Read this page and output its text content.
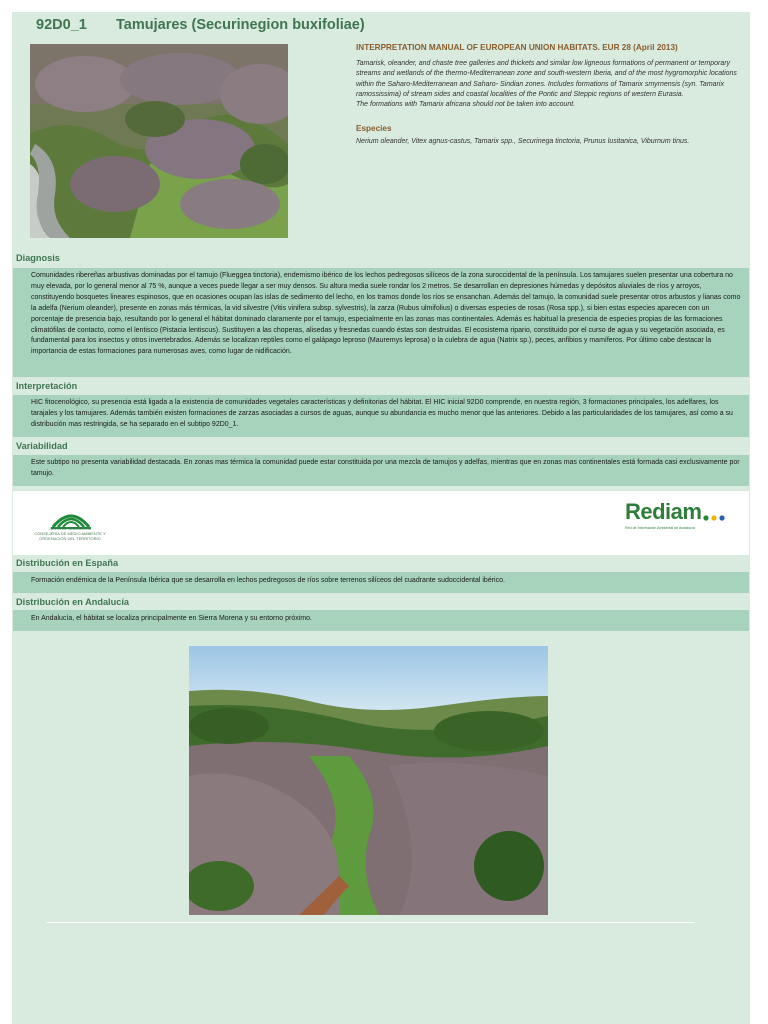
92D0_1 Tamujares (Securinegion buxifoliae)
INTERPRETATION MANUAL OF EUROPEAN UNION HABITATS. EUR 28 (April 2013)
Tamarisk, oleander, and chaste tree galleries and thickets and similar low ligneous formations of permanent or temporary streams and wetlands of the thermo-Mediterranean zone and south-western Iberia, and of the most hygromorphic locations within the Saharo-Mediterranean and Saharo- Sindian zones. Includes formations of Tamarix smyrnensis (syn. Tamarix ramossissima) of stream sides and coastal localities of the Pontic and Steppic regions of western Eurasia.
The formations with Tamarix africana should not be taken into account.
Especies
Nerium oleander, Vitex agnus-castus, Tamarix spp., Securinega tinctoria, Prunus lusitanica, Viburnum tinus.
Diagnosis
Comunidades ribereñas arbustivas dominadas por el tamujo (Flueggea tinctoria), endemismo ibérico de los lechos pedregosos silíceos de la zona suroccidental de la península. Los tamujares suelen presentar una cobertura no muy elevada, por lo general menor al 75 %, aunque a veces puede llegar a ser muy densos. Su altura media suele rondar los 2 metros. Se desarrollan en depresiones húmedas y depósitos aluviales de ríos y arroyos, constituyendo bosquetes lineares espinosos, que en ocasiones ocupan las islas de sedimento del lecho, en los tramos donde los ríos se ensanchan. Además del tamujo, la comunidad suele presentar otros arbustos y lianas como la adelfa (Nerium oleander), presente en zonas más térmicas, la vid silvestre (Vitis vinifera subsp. sylvestris), la zarza (Rubus ulmifolius) o diversas especies de rosas (Rosa spp.), si bien estas especies aparecen con un porcentaje de presencia bajo, resultando por lo general el hábitat dominado claramente por el tamujo, especialmente en las zonas mas continentales. Además es habitual la presencia de especies propias de las formaciones climatófilas de contacto, como el lentisco (Pistacia lentiscus). Sustituyen a las choperas, alisedas y fresnedas cuando éstas son destruidas. El ecosistema ripario, constituido por el curso de agua y su vegetación asociada, es fundamental para los insectos y otros invertebrados. Además se localizan reptiles como el galápago leproso (Mauremys leprosa) o la culebra de agua (Natrix sp.), peces, anfibios y mamíferos. Por último cabe destacar la importancia de estas formaciones para numerosas aves, como lugar de nidificación.
Interpretación
HIC fitocenológico, su presencia está ligada a la existencia de comunidades vegetales características y definitorias del hábitat. El HIC inicial 92D0 comprende, en nuestra región, 3 formaciones principales, los adelfares, los tarajales y los tamujares. Además también existen formaciones de zarzas asociadas a cursos de aguas, aunque su abundancia es mucho menor que las anteriores. Debido a las particularidades de los tamujares, así como a su distribución mas restringida, se ha separado en el subtipo 92D0_1.
Variabilidad
Este subtipo no presenta variabilidad destacada. En zonas mas térmica la comunidad puede estar constituida por una mezcla de tamujos y adelfas, mientras que en zonas mas continentales está formada casi exclusivamente por tamujo.
JUNTA DE ANDALUCIA
CONSEJERÍA DE MEDIO AMBIENTE Y ORDENACIÓN DEL TERRITORIO
Rediam
Red de Información Ambiental de Andalucía
Distribución en España
Formación endémica de la Península Ibérica que se desarrolla en lechos pedregosos de ríos sobre terrenos silíceos del cuadrante sudoccidental ibérico.
Distribución en Andalucía
En Andalucía, el hábitat se localiza principalmente en Sierra Morena y su entorno próximo.
